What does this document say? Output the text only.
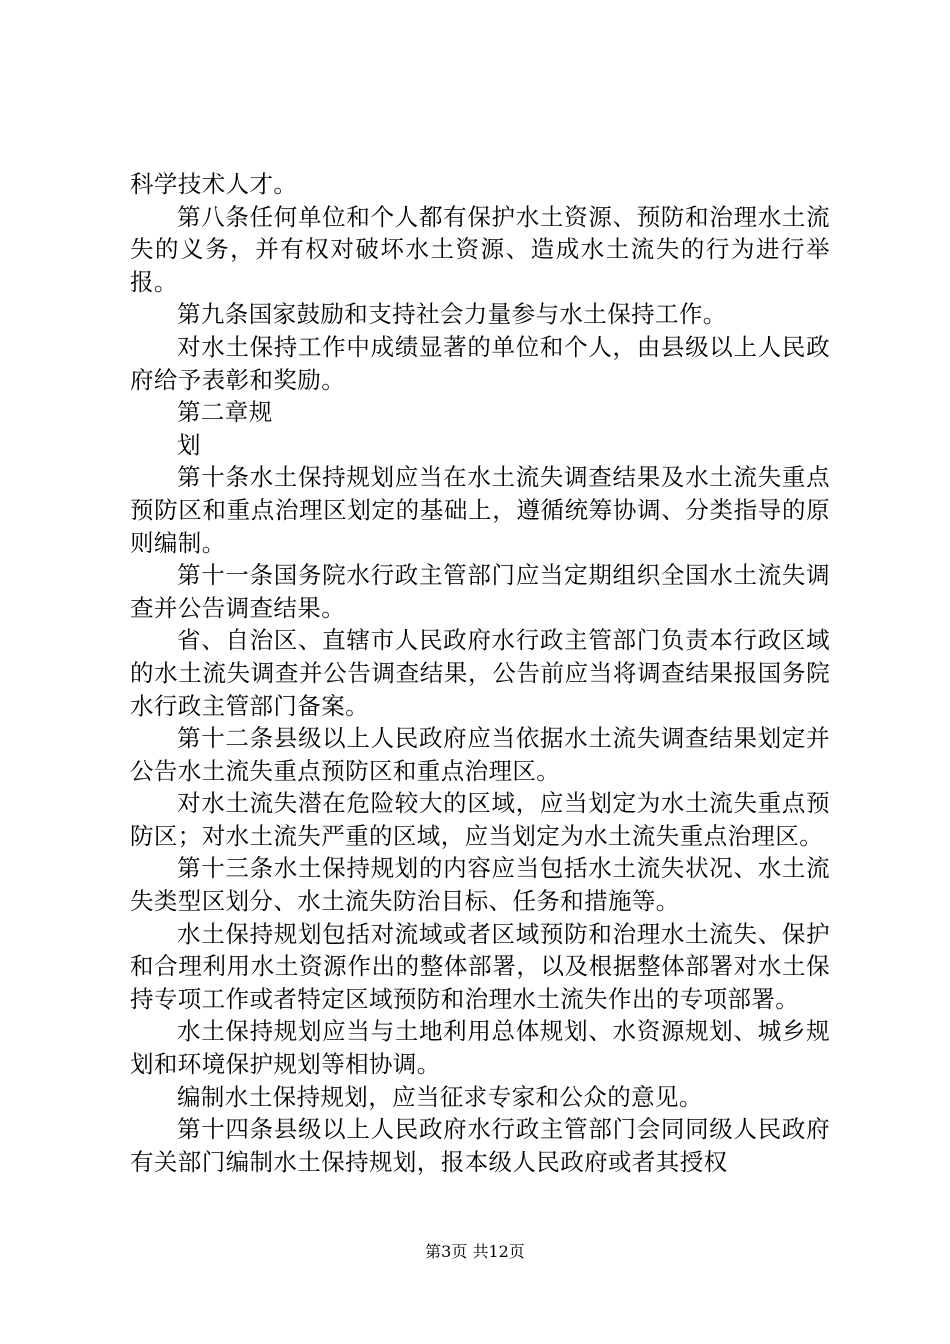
科学技术人才。

第八条任何单位和个人都有保护水土资源、预防和治理水土流失的义务，并有权对破坏水土资源、造成水土流失的行为进行举报。

第九条国家鼓励和支持社会力量参与水土保持工作。

对水土保持工作中成绩显著的单位和个人，由县级以上人民政府给予表彰和奖励。

第二章规

划

第十条水土保持规划应当在水土流失调查结果及水土流失重点预防区和重点治理区划定的基础上，遵循统筹协调、分类指导的原则编制。

第十一条国务院水行政主管部门应当定期组织全国水土流失调查并公告调查结果。

省、自治区、直辖市人民政府水行政主管部门负责本行政区域的水土流失调查并公告调查结果，公告前应当将调查结果报国务院水行政主管部门备案。

第十二条县级以上人民政府应当依据水土流失调查结果划定并公告水土流失重点预防区和重点治理区。

对水土流失潜在危险较大的区域，应当划定为水土流失重点预防区；对水土流失严重的区域，应当划定为水土流失重点治理区。

第十三条水土保持规划的内容应当包括水土流失状况、水土流失类型区划分、水土流失防治目标、任务和措施等。

水土保持规划包括对流域或者区域预防和治理水土流失、保护和合理利用水土资源作出的整体部署，以及根据整体部署对水土保持专项工作或者特定区域预防和治理水土流失作出的专项部署。

水土保持规划应当与土地利用总体规划、水资源规划、城乡规划和环境保护规划等相协调。

编制水土保持规划，应当征求专家和公众的意见。

第十四条县级以上人民政府水行政主管部门会同同级人民政府有关部门编制水土保持规划，报本级人民政府或者其授权

第3页 共12页
